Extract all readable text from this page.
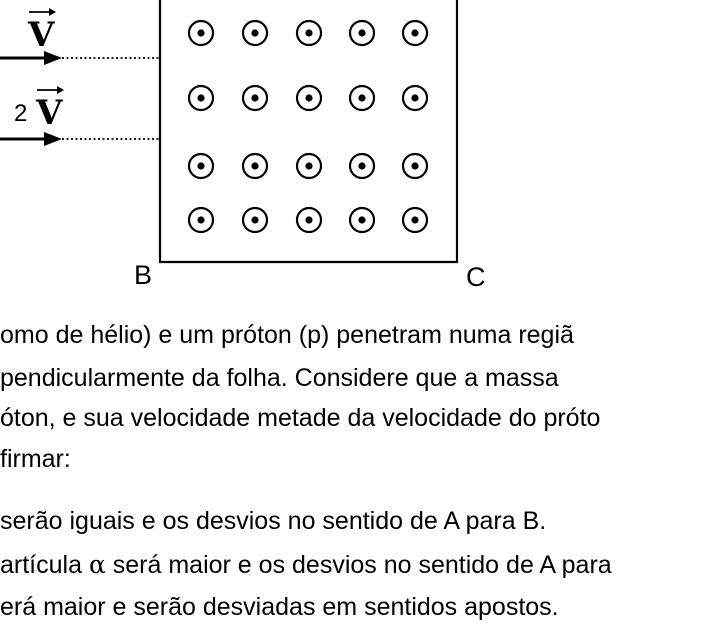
V
2 V
B	C
omo de hélio) e um próton (p) penetram numa regiã
pendicularmente da folha. Considere que a massa
óton, e sua velocidade metade da velocidade do próto
firmar:
serão iguais e os desvios no sentido de A para B.
artícula α será maior e os desvios no sentido de A para
erá maior e serão desviadas em sentidos apostos.
